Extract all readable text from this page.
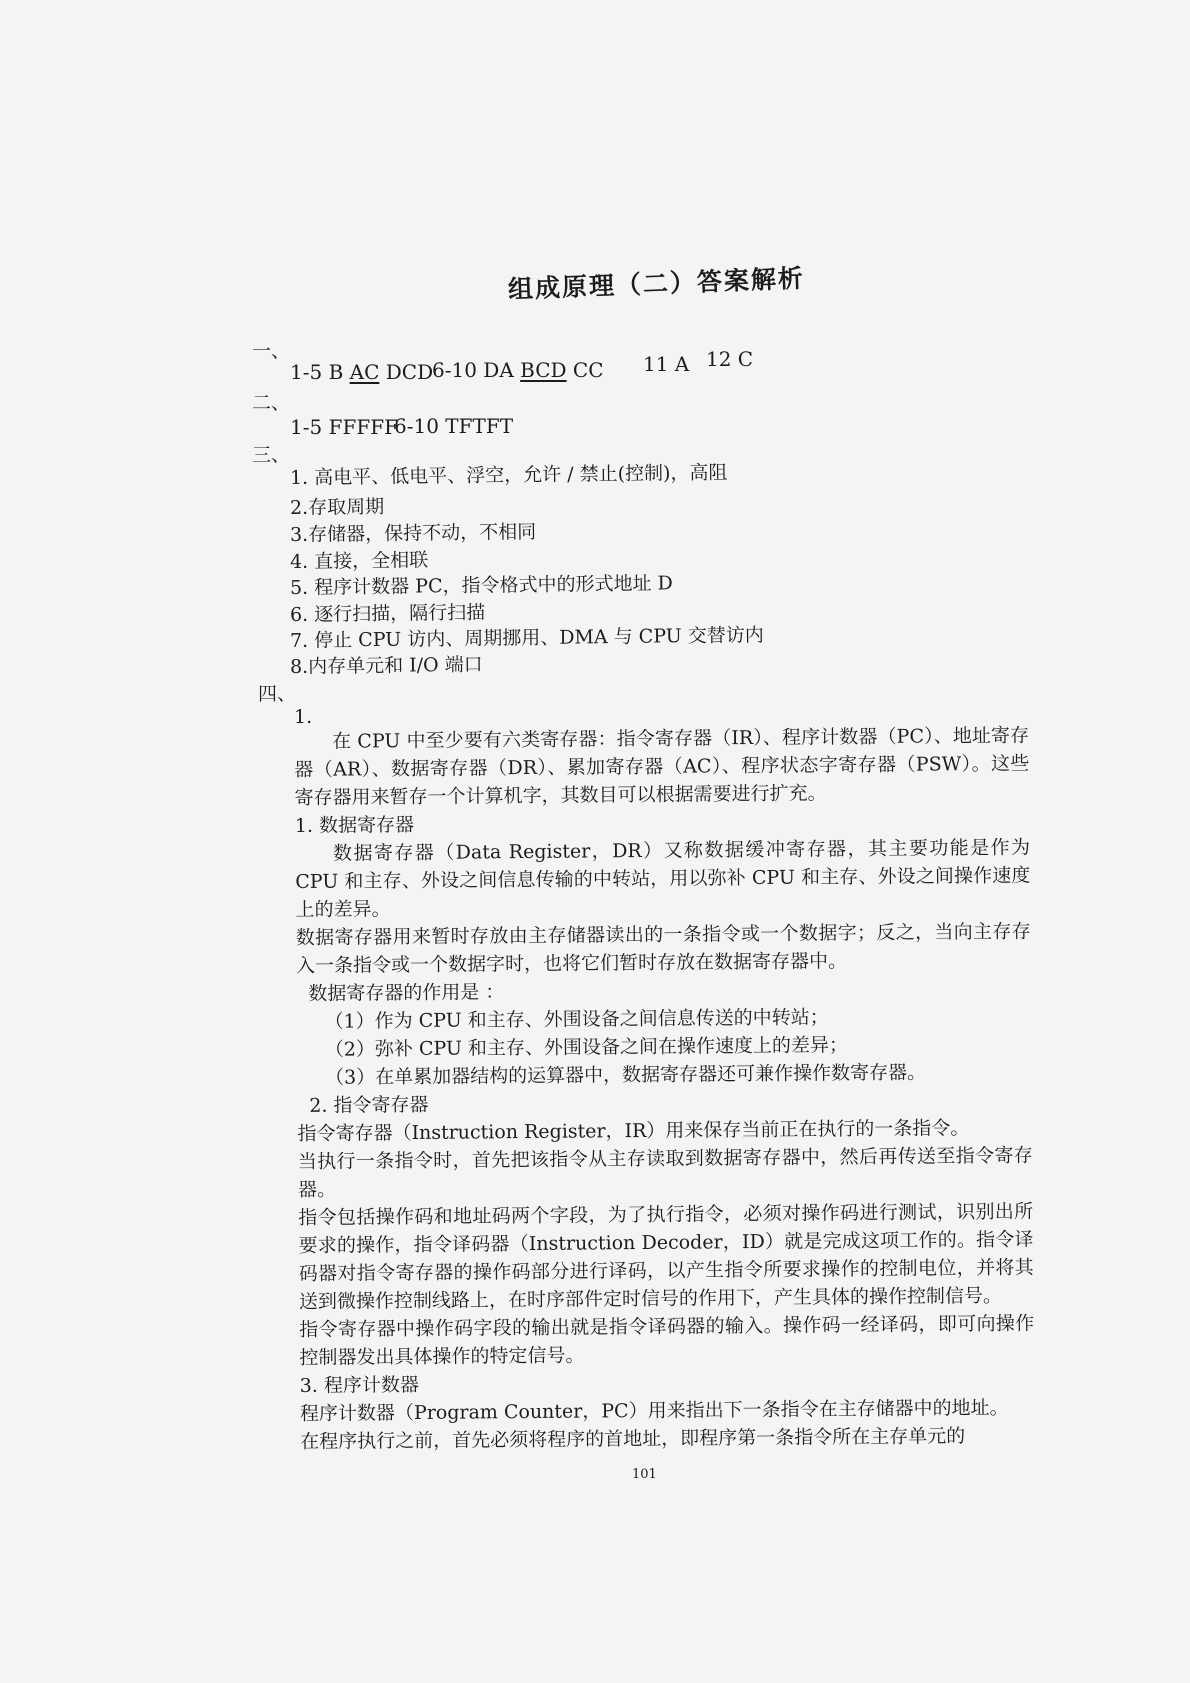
组成原理（二）答案解析
一、
1-5 B AC DCD
6-10 DA BCD CC 11 A 12 C
二、
1-5 FFFFF
6-10 TFTFT
三、
1. 高电平、低电平、浮空，允许 / 禁止(控制)，高阻
2.存取周期
3.存储器，保持不动，不相同
4. 直接，全相联
5. 程序计数器 PC，指令格式中的形式地址 D
6. 逐行扫描，隔行扫描
7. 停止 CPU 访内、周期挪用、DMA 与 CPU 交替访内
8.内存单元和 I/O 端口
四、
1.

在 CPU 中至少要有六类寄存器：指令寄存器（IR）、程序计数器（PC）、地址寄存器（AR）、数据寄存器（DR）、累加寄存器（AC）、程序状态字寄存器（PSW）。这些寄存器用来暂存一个计算机字，其数目可以根据需要进行扩充。

1. 数据寄存器

数据寄存器（Data Register，DR）又称数据缓冲寄存器，其主要功能是作为 CPU 和主存、外设之间信息传输的中转站，用以弥补 CPU 和主存、外设之间操作速度上的差异。

数据寄存器用来暂时存放由主存储器读出的一条指令或一个数据字；反之，当向主存存入一条指令或一个数据字时，也将它们暂时存放在数据寄存器中。

数据寄存器的作用是 ：

（1）作为 CPU 和主存、外围设备之间信息传送的中转站；

（2）弥补 CPU 和主存、外围设备之间在操作速度上的差异；

（3）在单累加器结构的运算器中，数据寄存器还可兼作操作数寄存器。

2. 指令寄存器

指令寄存器（Instruction Register，IR）用来保存当前正在执行的一条指令。

当执行一条指令时，首先把该指令从主存读取到数据寄存器中，然后再传送至指令寄存器。

指令包括操作码和地址码两个字段，为了执行指令，必须对操作码进行测试，识别出所要求的操作，指令译码器（Instruction Decoder，ID）就是完成这项工作的。指令译码器对指令寄存器的操作码部分进行译码，以产生指令所要求操作的控制电位，并将其送到微操作控制线路上，在时序部件定时信号的作用下，产生具体的操作控制信号。

指令寄存器中操作码字段的输出就是指令译码器的输入。操作码一经译码，即可向操作控制器发出具体操作的特定信号。

3. 程序计数器

程序计数器（Program Counter，PC）用来指出下一条指令在主存储器中的地址。

在程序执行之前，首先必须将程序的首地址，即程序第一条指令所在主存单元的

101
